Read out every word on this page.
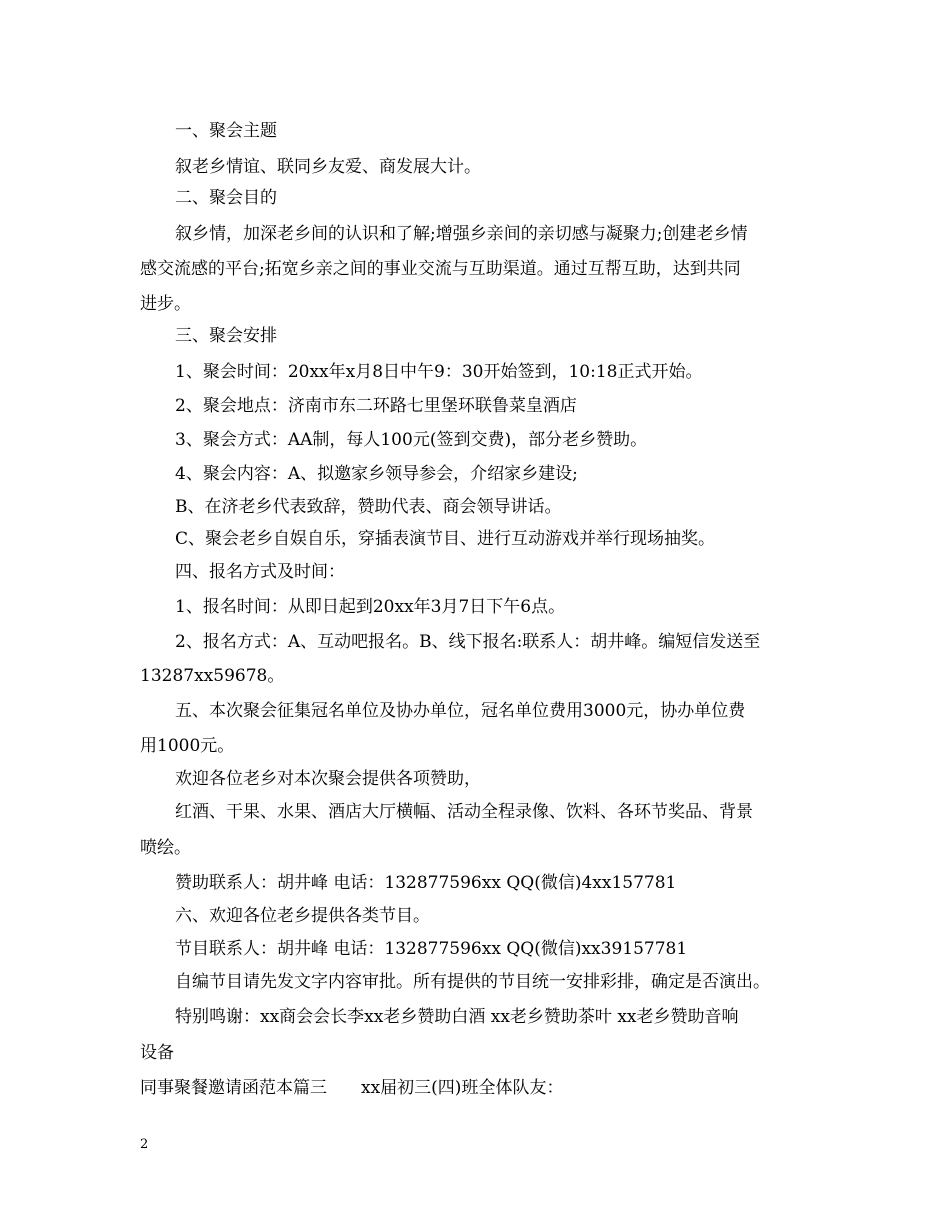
一、聚会主题
叙老乡情谊、联同乡友爱、商发展大计。
二、聚会目的
叙乡情，加深老乡间的认识和了解;增强乡亲间的亲切感与凝聚力;创建老乡情
感交流感的平台;拓宽乡亲之间的事业交流与互助渠道。通过互帮互助，达到共同
进步。
三、聚会安排
1、聚会时间：20xx年x月8日中午9：30开始签到，10:18正式开始。
2、聚会地点：济南市东二环路七里堡环联鲁菜皇酒店
3、聚会方式：AA制，每人100元(签到交费)，部分老乡赞助。
4、聚会内容：A、拟邀家乡领导参会，介绍家乡建设;
B、在济老乡代表致辞，赞助代表、商会领导讲话。
C、聚会老乡自娱自乐，穿插表演节目、进行互动游戏并举行现场抽奖。
四、报名方式及时间：
1、报名时间：从即日起到20xx年3月7日下午6点。
2、报名方式：A、互动吧报名。B、线下报名:联系人：胡井峰。编短信发送至
13287xx59678。
五、本次聚会征集冠名单位及协办单位，冠名单位费用3000元，协办单位费
用1000元。
欢迎各位老乡对本次聚会提供各项赞助，
红酒、干果、水果、酒店大厅横幅、活动全程录像、饮料、各环节奖品、背景
喷绘。
赞助联系人：胡井峰 电话：132877596xx QQ(微信)4xx157781
六、欢迎各位老乡提供各类节目。
节目联系人：胡井峰 电话：132877596xx QQ(微信)xx39157781
自编节目请先发文字内容审批。所有提供的节目统一安排彩排，确定是否演出。
特别鸣谢：xx商会会长李xx老乡赞助白酒 xx老乡赞助茶叶 xx老乡赞助音响
设备
同事聚餐邀请函范本篇三　　xx届初三(四)班全体队友：
2
